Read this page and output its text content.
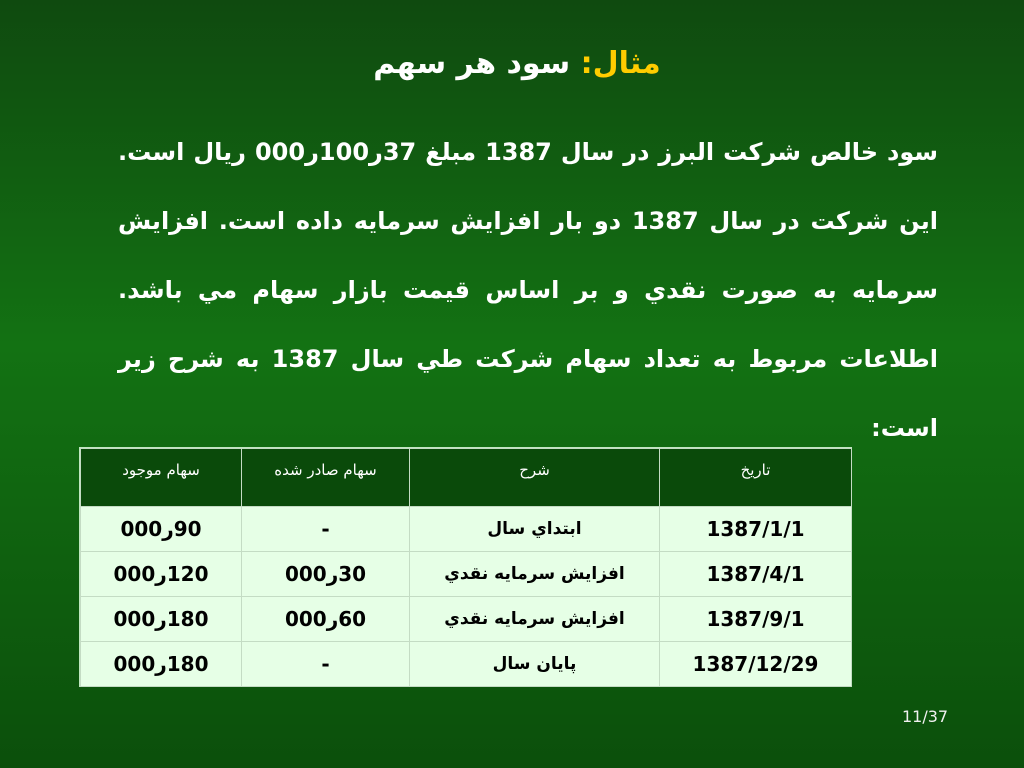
مثال: سود هر سهم
سود خالص شرکت البرز در سال 1387 مبلغ 37ر100ر000 ريال است. اين شرکت در سال 1387 دو بار افزايش سرمايه داده است. افزايش سرمايه به صورت نقدي و بر اساس قيمت بازار سهام مي باشد. اطلاعات مربوط به تعداد سهام شرکت طي سال 1387 به شرح زير است:
تاريخ	شرح	سهام صادر شده	سهام موجود
1387/1/1	ابتداي سال	-	90ر000
1387/4/1	افزايش سرمايه نقدي	30ر000	120ر000
1387/9/1	افزايش سرمايه نقدي	60ر000	180ر000
1387/12/29	پايان سال	-	180ر000
11/37
